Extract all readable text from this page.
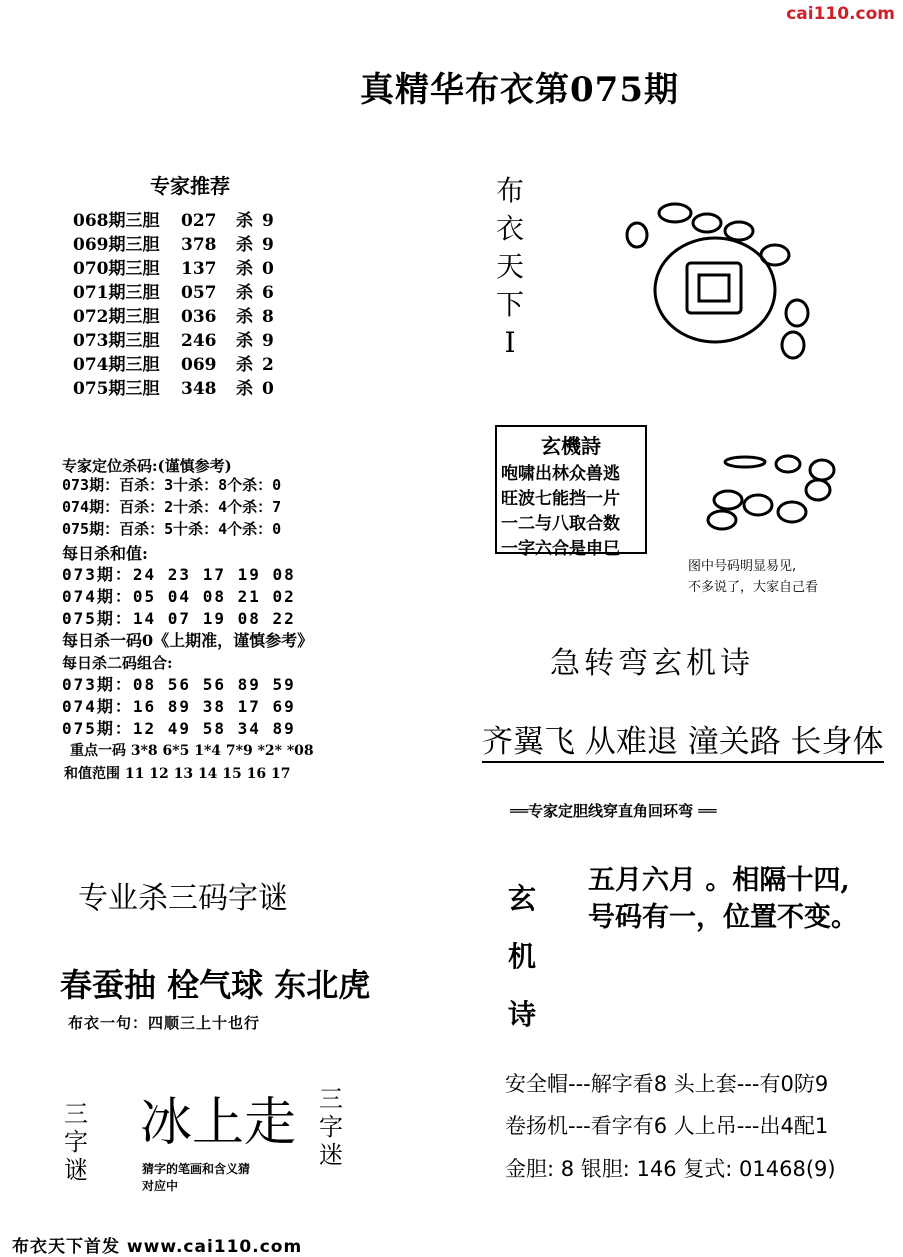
cai110.com
真精华布衣第075期
专家推荐
068期三胆 027 杀 9
069期三胆 378 杀 9
070期三胆 137 杀 0
071期三胆 057 杀 6
072期三胆 036 杀 8
073期三胆 246 杀 9
074期三胆 069 杀 2
075期三胆 348 杀 0
专家定位杀码:(谨慎参考)
073期：百杀：3十杀：8个杀：0
074期：百杀：2十杀：4个杀：7
075期：百杀：5十杀：4个杀：0
每日杀和值:
073期：24 23 17 19 08
074期：05 04 08 21 02
075期：14 07 19 08 22
每日杀一码0《上期准，谨慎参考》
每日杀二码组合:
073期：08 56 56 89 59
074期：16 89 38 17 69
075期：12 49 58 34 89
重点一码 3*8 6*5 1*4 7*9 *2* *08
和值范围 11 12 13 14 15 16 17
布
衣
天
下
I
玄機詩
咆啸出林众兽逃
旺波七能挡一片
一二与八取合数
一字六合是申巳
图中号码明显易见,
不多说了，大家自己看
急转弯玄机诗
齐翼飞 从难退 潼关路 长身体
══专家定胆线穿直角回环弯 ══
玄
机
诗
五月六月 。相隔十四,
号码有一，位置不变。
安全帽---解字看8 头上套---有0防9
卷扬机---看字有6 人上吊---出4配1
金胆: 8 银胆: 146 复式: 01468(9)
专业杀三码字谜
春蚕抽 栓气球 东北虎
布衣一句：四顺三上十也行
三
字
谜
冰上走 三
字
迷
猜字的笔画和含义猜
对应中
布衣天下首发 www.cai110.com
